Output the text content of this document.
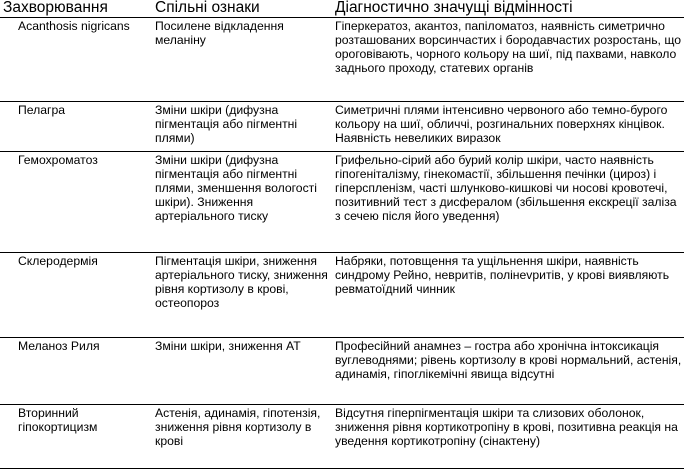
Захворювання	Спільні ознаки	Діагностично значущі відмінності
Acanthosis nigricans	Посилене відкладення меланіну	Гіперкератоз, акантоз, папіломатоз, наявність симетрично розташованих ворсинчастих і бородавчастих розростань, що ороговівають, чорного кольору на шиї, під пахвами, навколо заднього проходу, статевих органів
Пелагра	Зміни шкіри (дифузна пігментація або пігментні плями)	Симетричні плями інтенсивно червоного або темно-бурого кольору на шиї, обличчі, розгинальних поверхнях кінцівок. Наявність невеликих виразок
Гемохроматоз	Зміни шкіри (дифузна пігментація або пігментні плями, зменшення вологості шкіри). Зниження артеріального тиску	Грифельно-сірий або бурий колір шкіри, часто наявність гіпогеніталізму, гінекомастії, збільшення печінки (цироз) і гіперспленізм, часті шлунково-кишкові чи носові кровотечі, позитивний тест з дисфералом (збільшення екскреції заліза з сечею після його уведення)
Склеродермія	Пігментація шкіри, зниження артеріального тиску, зниження рівня кортизолу в крові, остеопороз	Набряки, потовщення та ущільнення шкіри, наявність синдрому Рейно, невритів, полінevритів, у крові виявляють ревматоїдний чинник
Меланоз Риля	Зміни шкіри, зниження АТ	Професійний анамнез – гостра або хронічна інтоксикація вуглеводнями; рівень кортизолу в крові нормальний, астенія, адинамія, гіпоглікемічні явища відсутні
Вторинний гіпокортицизм	Астенія, адинамія, гіпотензія, зниження рівня кортизолу в крові	Відсутня гіперпігментація шкіри та слизових оболонок, зниження рівня кортикотропіну в крові, позитивна реакція на уведення кортикотропіну (сінактену)
